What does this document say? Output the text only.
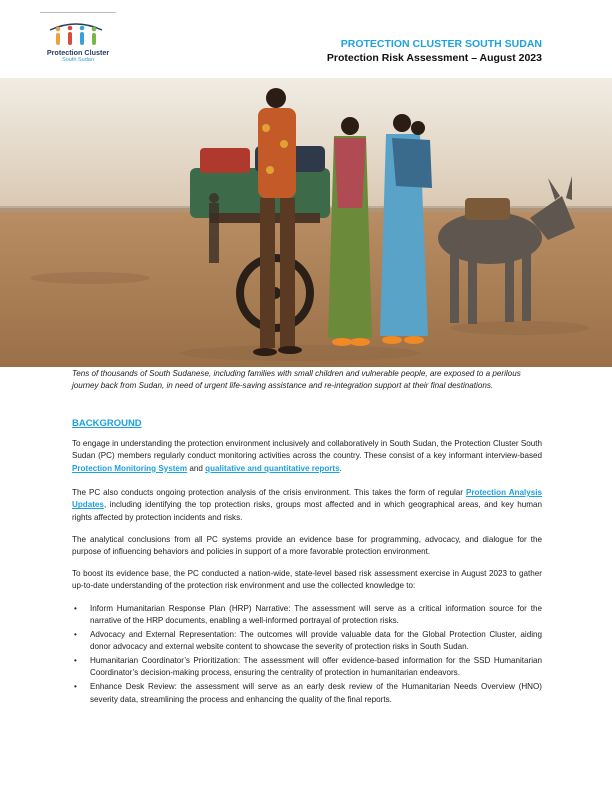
Protection Cluster
South Sudan
PROTECTION CLUSTER SOUTH SUDAN
Protection Risk Assessment – August 2023
Tens of thousands of South Sudanese, including families with small children and vulnerable people, are exposed to a perilous journey back from Sudan, in need of urgent life-saving assistance and re-integration support at their final destinations.
BACKGROUND
To engage in understanding the protection environment inclusively and collaboratively in South Sudan, the Protection Cluster South Sudan (PC) members regularly conduct monitoring activities across the country. These consist of a key informant interview-based Protection Monitoring System and qualitative and quantitative reports.
The PC also conducts ongoing protection analysis of the crisis environment. This takes the form of regular Protection Analysis Updates, including identifying the top protection risks, groups most affected and in which geographical areas, and key human rights affected by protection incidents and risks.
The analytical conclusions from all PC systems provide an evidence base for programming, advocacy, and dialogue for the purpose of influencing behaviors and policies in support of a more favorable protection environment.
To boost its evidence base, the PC conducted a nation-wide, state-level based risk assessment exercise in August 2023 to gather up-to-date understanding of the protection risk environment and use the collected knowledge to:
• Inform Humanitarian Response Plan (HRP) Narrative: The assessment will serve as a critical information source for the narrative of the HRP documents, enabling a well-informed portrayal of protection risks.
• Advocacy and External Representation: The outcomes will provide valuable data for the Global Protection Cluster, aiding donor advocacy and external website content to showcase the severity of protection risks in South Sudan.
• Humanitarian Coordinator’s Prioritization: The assessment will offer evidence-based information for the SSD Humanitarian Coordinator’s decision-making process, ensuring the centrality of protection in humanitarian endeavors.
• Enhance Desk Review: the assessment will serve as an early desk review of the Humanitarian Needs Overview (HNO) severity data, streamlining the process and enhancing the quality of the final reports.
